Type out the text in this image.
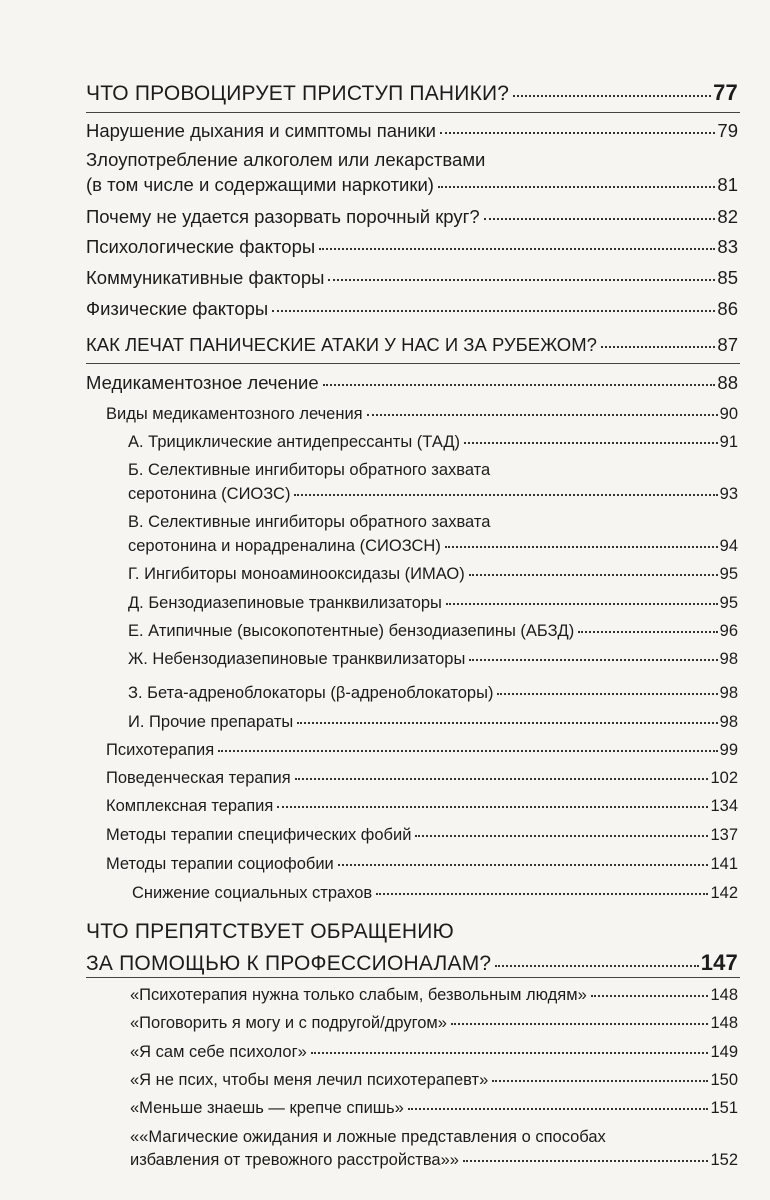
ЧТО ПРОВОЦИРУЕТ ПРИСТУП ПАНИКИ?	77
Нарушение дыхания и симптомы паники	79
Злоупотребление алкоголем или лекарствами
(в том числе и содержащими наркотики)	81
Почему не удается разорвать порочный круг?	82
Психологические факторы	83
Коммуникативные факторы	85
Физические факторы	86
КАК ЛЕЧАТ ПАНИЧЕСКИЕ АТАКИ У НАС И ЗА РУБЕЖОМ?	87
Медикаментозное лечение	88
Виды медикаментозного лечения	90
А. Трициклические антидепрессанты (ТАД)	91
Б. Селективные ингибиторы обратного захвата
серотонина (СИОЗС)	93
В. Селективные ингибиторы обратного захвата
серотонина и норадреналина (СИОЗСН)	94
Г. Ингибиторы моноаминооксидазы (ИМАО)	95
Д. Бензодиазепиновые транквилизаторы	95
Е. Атипичные (высокопотентные) бензодиазепины (АБЗД)	96
Ж. Небензодиазепиновые транквилизаторы	98
З. Бета-адреноблокаторы (β-адреноблокаторы)	98
И. Прочие препараты	98
Психотерапия	99
Поведенческая терапия	102
Комплексная терапия	134
Методы терапии специфических фобий	137
Методы терапии социофобии	141
Снижение социальных страхов	142
ЧТО ПРЕПЯТСТВУЕТ ОБРАЩЕНИЮ
ЗА ПОМОЩЬЮ К ПРОФЕССИОНАЛАМ?	147
«Психотерапия нужна только слабым, безвольным людям»	148
«Поговорить я могу и с подругой/другом»	148
«Я сам себе психолог»	149
«Я не псих, чтобы меня лечил психотерапевт»	150
«Меньше знаешь — крепче спишь»	151
««Магические ожидания и ложные представления о способах
избавления от тревожного расстройства»»	152
